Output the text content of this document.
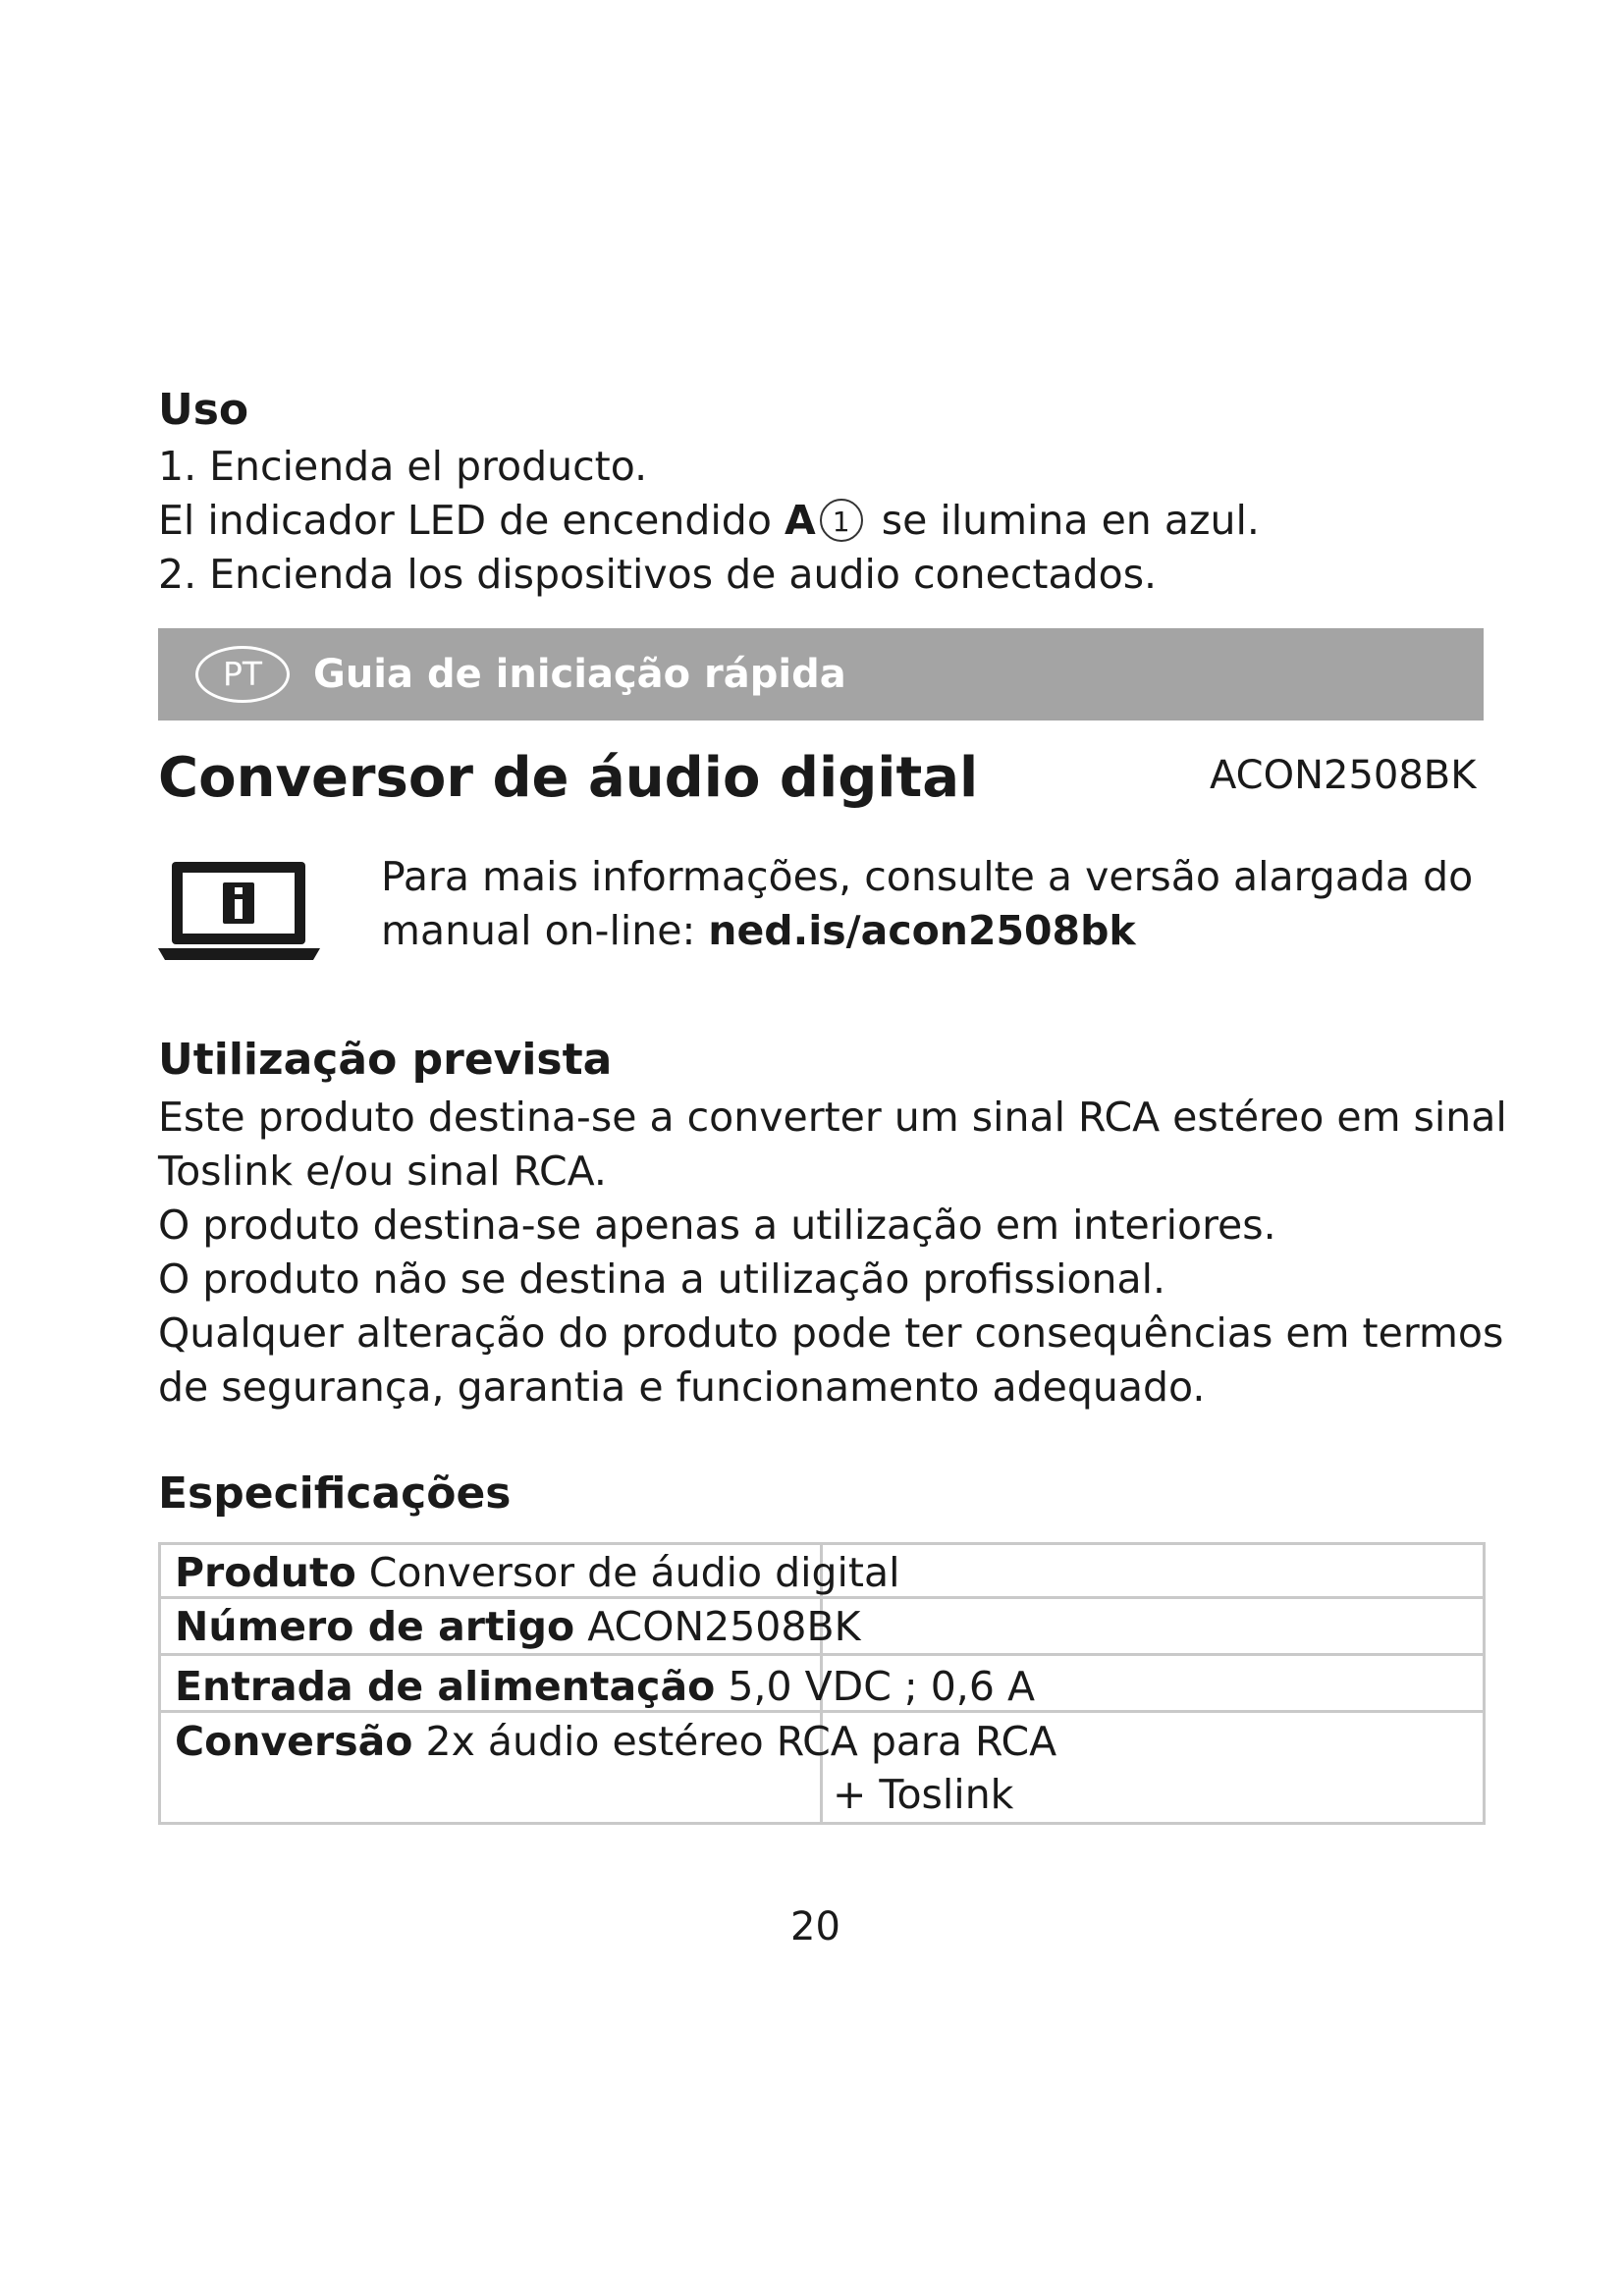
Uso
1. Encienda el producto.
El indicador LED de encendido A 1 se ilumina en azul.
2. Encienda los dispositivos de audio conectados.
PT	Guia de iniciação rápida
Conversor de áudio digital	ACON2508BK
Para mais informações, consulte a versão alargada do
manual on-line: ned.is/acon2508bk
Utilização prevista
Este produto destina-se a converter um sinal RCA estéreo em sinal
Toslink e/ou sinal RCA.
O produto destina-se apenas a utilização em interiores.
O produto não se destina a utilização profissional.
Qualquer alteração do produto pode ter consequências em termos
de segurança, garantia e funcionamento adequado.
Especificações
Produto Conversor de áudio digital
Número de artigo ACON2508BK
Entrada de alimentação 5,0 VDC ; 0,6 A
Conversão 2x áudio estéreo RCA para RCA
+ Toslink
20
